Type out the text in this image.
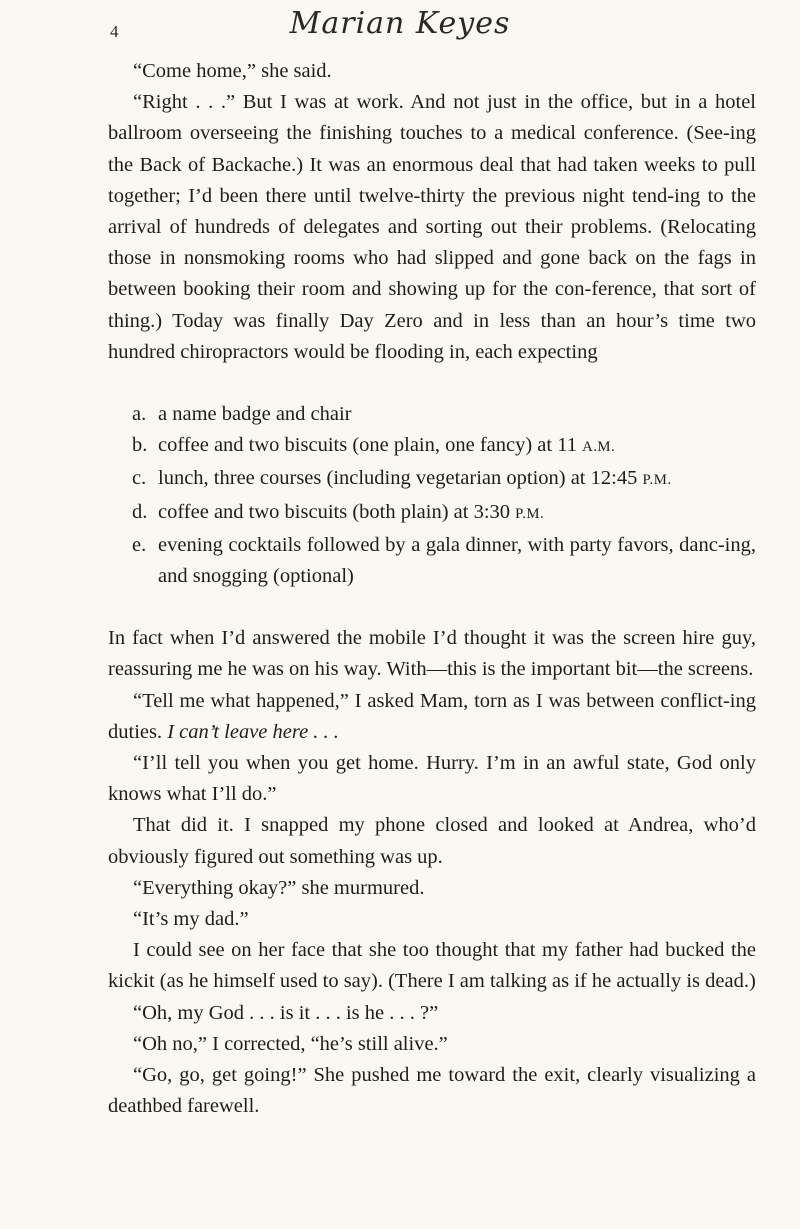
4	Marian Keyes

“Come home,” she said.

“Right . . .” But I was at work. And not just in the office, but in a hotel ballroom overseeing the finishing touches to a medical conference. (See-ing the Back of Backache.) It was an enormous deal that had taken weeks to pull together; I’d been there until twelve-thirty the previous night tend-ing to the arrival of hundreds of delegates and sorting out their problems. (Relocating those in nonsmoking rooms who had slipped and gone back on the fags in between booking their room and showing up for the con-ference, that sort of thing.) Today was finally Day Zero and in less than an hour’s time two hundred chiropractors would be flooding in, each expecting

a. a name badge and chair

b. coffee and two biscuits (one plain, one fancy) at 11 A.M.

c. lunch, three courses (including vegetarian option) at 12:45 P.M.

d. coffee and two biscuits (both plain) at 3:30 P.M.

e. evening cocktails followed by a gala dinner, with party favors, danc-ing, and snogging (optional)

In fact when I’d answered the mobile I’d thought it was the screen hire guy, reassuring me he was on his way. With—this is the important bit—the screens.

“Tell me what happened,” I asked Mam, torn as I was between conflict-ing duties. I can’t leave here . . .

“I’ll tell you when you get home. Hurry. I’m in an awful state, God only knows what I’ll do.”

That did it. I snapped my phone closed and looked at Andrea, who’d obviously figured out something was up.

“Everything okay?” she murmured.

“It’s my dad.”

I could see on her face that she too thought that my father had bucked the kickit (as he himself used to say). (There I am talking as if he actually is dead.)

“Oh, my God . . . is it . . . is he . . . ?”

“Oh no,” I corrected, “he’s still alive.”

“Go, go, get going!” She pushed me toward the exit, clearly visualizing a deathbed farewell.
